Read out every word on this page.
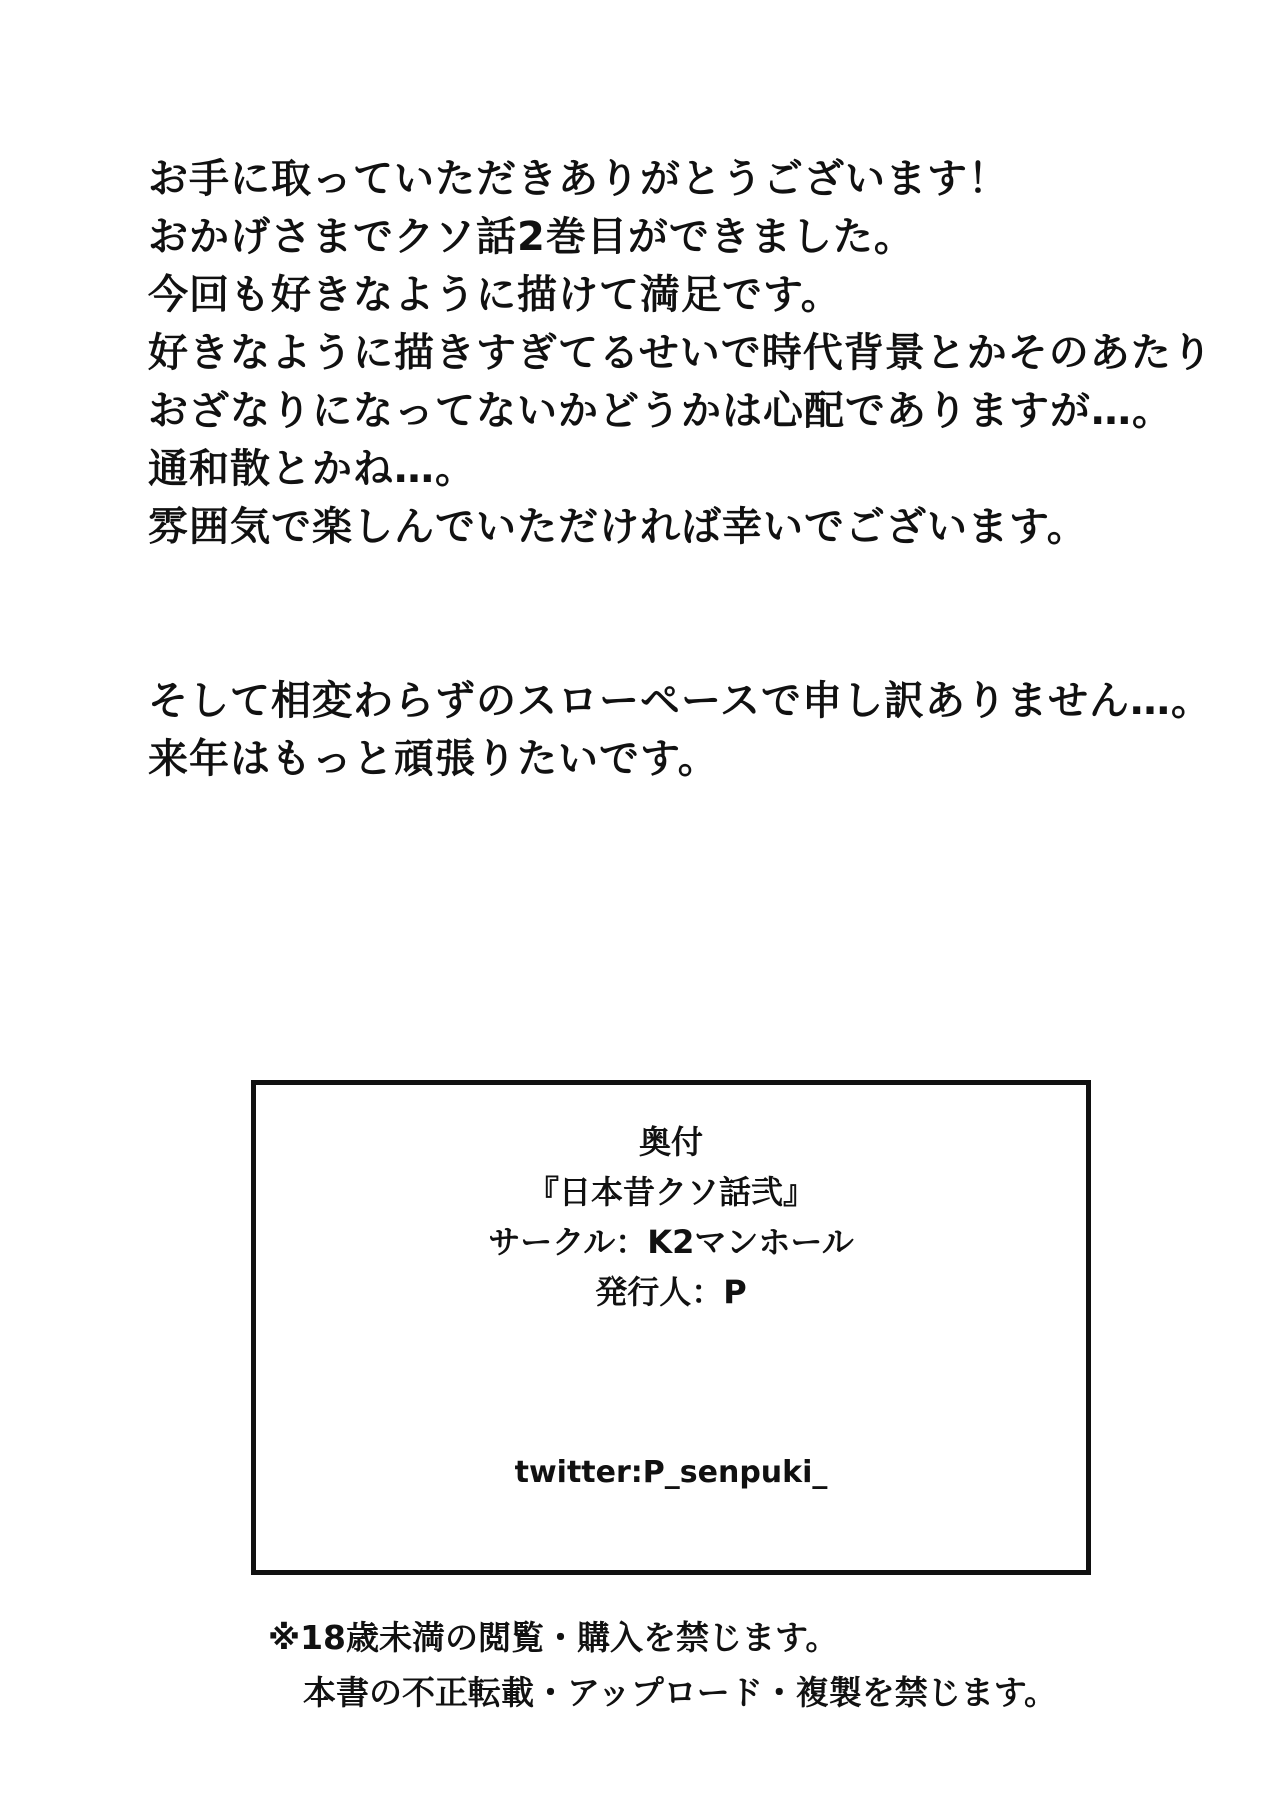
お手に取っていただきありがとうございます！
おかげさまでクソ話2巻目ができました。
今回も好きなように描けて満足です。
好きなように描きすぎてるせいで時代背景とかそのあたり
おざなりになってないかどうかは心配でありますが…。
通和散とかね…。
雰囲気で楽しんでいただければ幸いでございます。
そして相変わらずのスローペースで申し訳ありません…。
来年はもっと頑張りたいです。
奥付
『日本昔クソ話弐』
サークル：K2マンホール
発行人：P
twitter:P_senpuki_
※18歳未満の閲覧・購入を禁じます。
本書の不正転載・アップロード・複製を禁じます。
